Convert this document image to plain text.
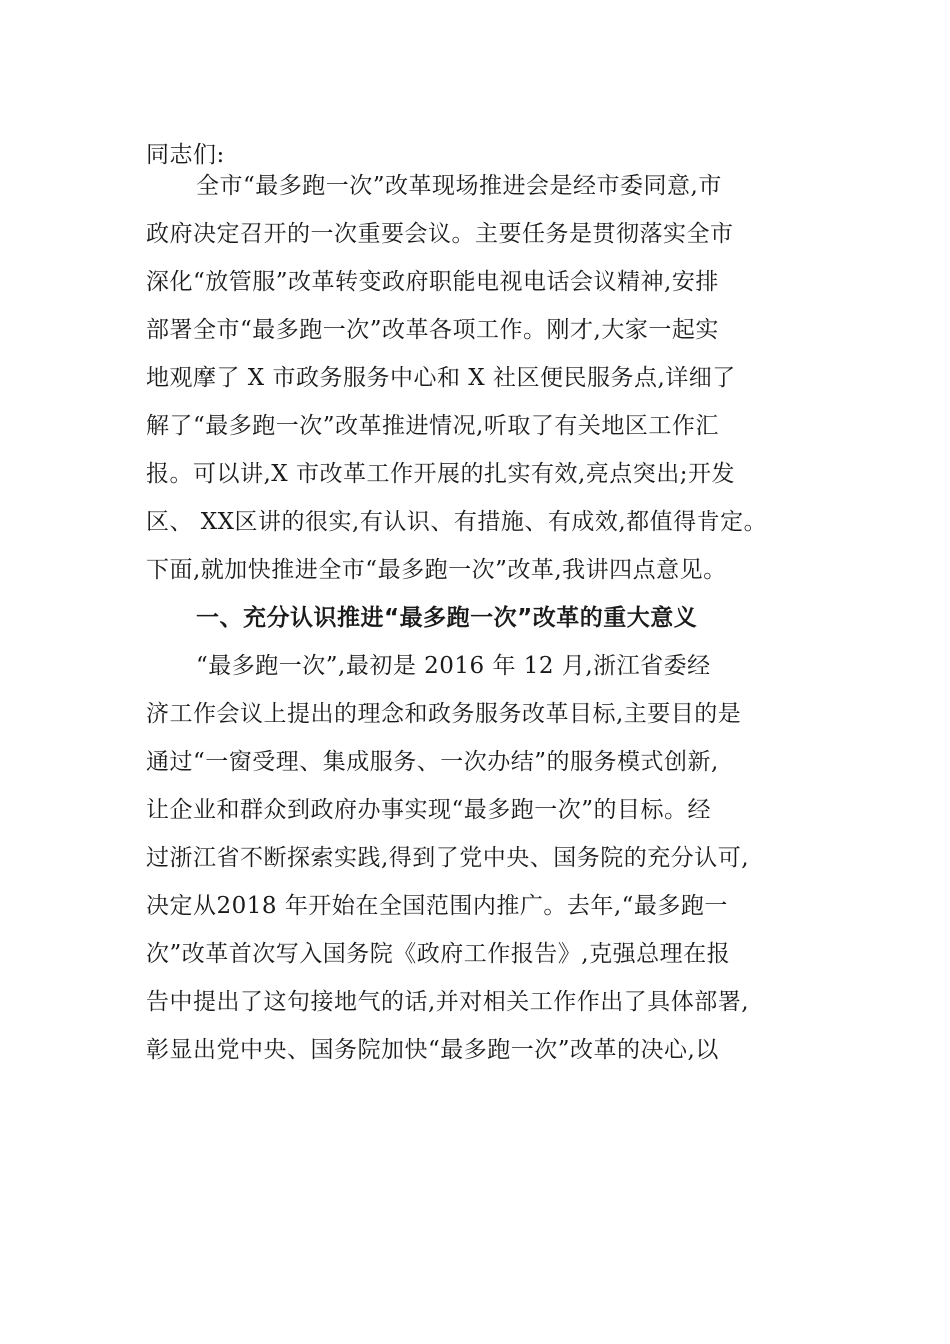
同志们:
全市“最多跑一次”改革现场推进会是经市委同意,市
政府决定召开的一次重要会议。主要任务是贯彻落实全市
深化“放管服”改革转变政府职能电视电话会议精神,安排
部署全市“最多跑一次”改革各项工作。刚才,大家一起实
地观摩了 X 市政务服务中心和 X 社区便民服务点,详细了
解了“最多跑一次”改革推进情况,听取了有关地区工作汇
报。可以讲,X 市改革工作开展的扎实有效,亮点突出;开发
区、 XX区讲的很实,有认识、有措施、有成效,都值得肯定。
下面,就加快推进全市“最多跑一次”改革,我讲四点意见。
一、充分认识推进“最多跑一次”改革的重大意义
“最多跑一次”,最初是 2016 年 12 月,浙江省委经
济工作会议上提出的理念和政务服务改革目标,主要目的是
通过“一窗受理、集成服务、一次办结”的服务模式创新,
让企业和群众到政府办事实现“最多跑一次”的目标。经
过浙江省不断探索实践,得到了党中央、国务院的充分认可,
决定从2018 年开始在全国范围内推广。去年,“最多跑一
次”改革首次写入国务院《政府工作报告》,克强总理在报
告中提出了这句接地气的话,并对相关工作作出了具体部署,
彰显出党中央、国务院加快“最多跑一次”改革的决心,以
